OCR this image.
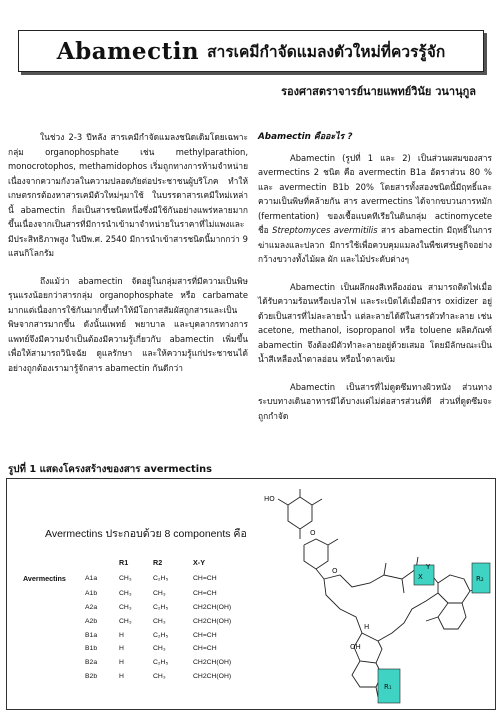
Abamectin สารเคมีกำจัดแมลงตัวใหม่ที่ควรรู้จัก
รองศาสตราจารย์นายแพทย์วินัย วนานุกูล

ในช่วง 2-3 ปีหลัง สารเคมีกำจัดแมลงชนิดเดิมโดยเฉพาะกลุ่ม organophosphate เช่น methylparathion, monocrotophos, methamidophos เริ่มถูกทางการห้ามจำหน่ายเนื่องจากความกังวลในความปลอดภัยต่อประชาชนผู้บริโภค ทำให้เกษตรกรต้องหาสารเคมีตัวใหม่ๆมาใช้ ในบรรดาสารเคมีใหม่เหล่านี้ abamectin ก็อเป็นสารชนิดหนึ่งซึ่งมีใช้กันอย่างแพร่หลายมากขึ้นเนื่องจากเป็นสารที่มีการนำเข้ามาจำหน่ายในราคาที่ไม่แพงและมีประสิทธิภาพสูง ในปีพ.ศ. 2540 มีการนำเข้าสารชนิดนี้มากกว่า 9 แสนกิโลกรัม

ถึงแม้ว่า abamectin จัดอยู่ในกลุ่มสารที่มีความเป็นพิษรุนแรงน้อยกว่าสารกลุ่ม organophosphate หรือ carbamate มากแต่เนื่องการใช้กันมากขึ้นทำให้มีโอกาสสัมผัสถูกสารและเป็นพิษจากสารมากขึ้น ดังนั้นแพทย์ พยาบาล และบุคลากรทางการแพทย์จึงมีความจำเป็นต้องมีความรู้เกี่ยวกับ abamectin เพิ่มขึ้น เพื่อให้สามารถวินิจฉัย ดูแลรักษา และให้ความรู้แก่ประชาชนได้อย่างถูกต้องเรามารู้จักสาร abamectin กันดีกว่า

Abamectin คืออะไร ?

Abamectin (รูปที่ 1 และ 2) เป็นส่วนผสมของสาร avermectins 2 ชนิด คือ avermectin B1a อัตราส่วน 80 % และ avermectin B1b 20% โดยสารทั้งสองชนิดนี้มีฤทธิ์และความเป็นพิษที่คล้ายกัน สาร avermectins ได้จากขบวนการหมัก (fermentation) ของเชื้อแบคทีเรียในดินกลุ่ม actinomycete ชื่อ Streptomyces avermitilis สาร abamectin มีฤทธิ์ในการฆ่าแมลงและปลวก มีการใช้เพื่อควบคุมแมลงในพืชเศรษฐกิจอย่างกว้างขวางทั้งไม้ผล ผัก และไม้ประดับต่างๆ

Abamectin เป็นผลึกผงสีเหลืองอ่อน สามารถติดไฟเมื่อได้รับความร้อนหรือเปลวไฟ และระเบิดได้เมื่อมีสาร oxidizer อยู่ด้วยเป็นสารที่ไม่ละลายน้ำ แต่ละลายได้ดีในสารตัวทำละลาย เช่น acetone, methanol, isopropanol หรือ toluene ผลิตภัณฑ์ abamectin จึงต้องมีตัวทำละลายอยู่ด้วยเสมอ โดยมีลักษณะเป็นน้ำสีเหลืองน้ำตาลอ่อน หรือน้ำตาลเข้ม

Abamectin เป็นสารที่ไม่ดูดซึมทางผิวหนัง ส่วนทางระบบทางเดินอาหารมีได้บางแต่ไม่ต่อสารส่วนที่ดี ส่วนที่ดูดซึมจะถูกกำจัด

รูปที่ 1 แสดงโครงสร้างของสาร avermectins
Avermectins ประกอบด้วย 8 components คือ
		R1	R2	X-Y
Avermectins	A1a	CH₃	C₂H₅	CH=CH
	A1b	CH₃	CH₃	CH=CH
	A2a	CH₃	C₂H₅	CH2CH(OH)
	A2b	CH₃	CH₃	CH2CH(OH)
	B1a	H	C₂H₅	CH=CH
	B1b	H	CH₃	CH=CH
	B2a	H	C₂H₅	CH2CH(OH)
	B2b	H	CH₃	CH2CH(OH)
HO
O
O
X
Y
R₂
OH
H
R₁
